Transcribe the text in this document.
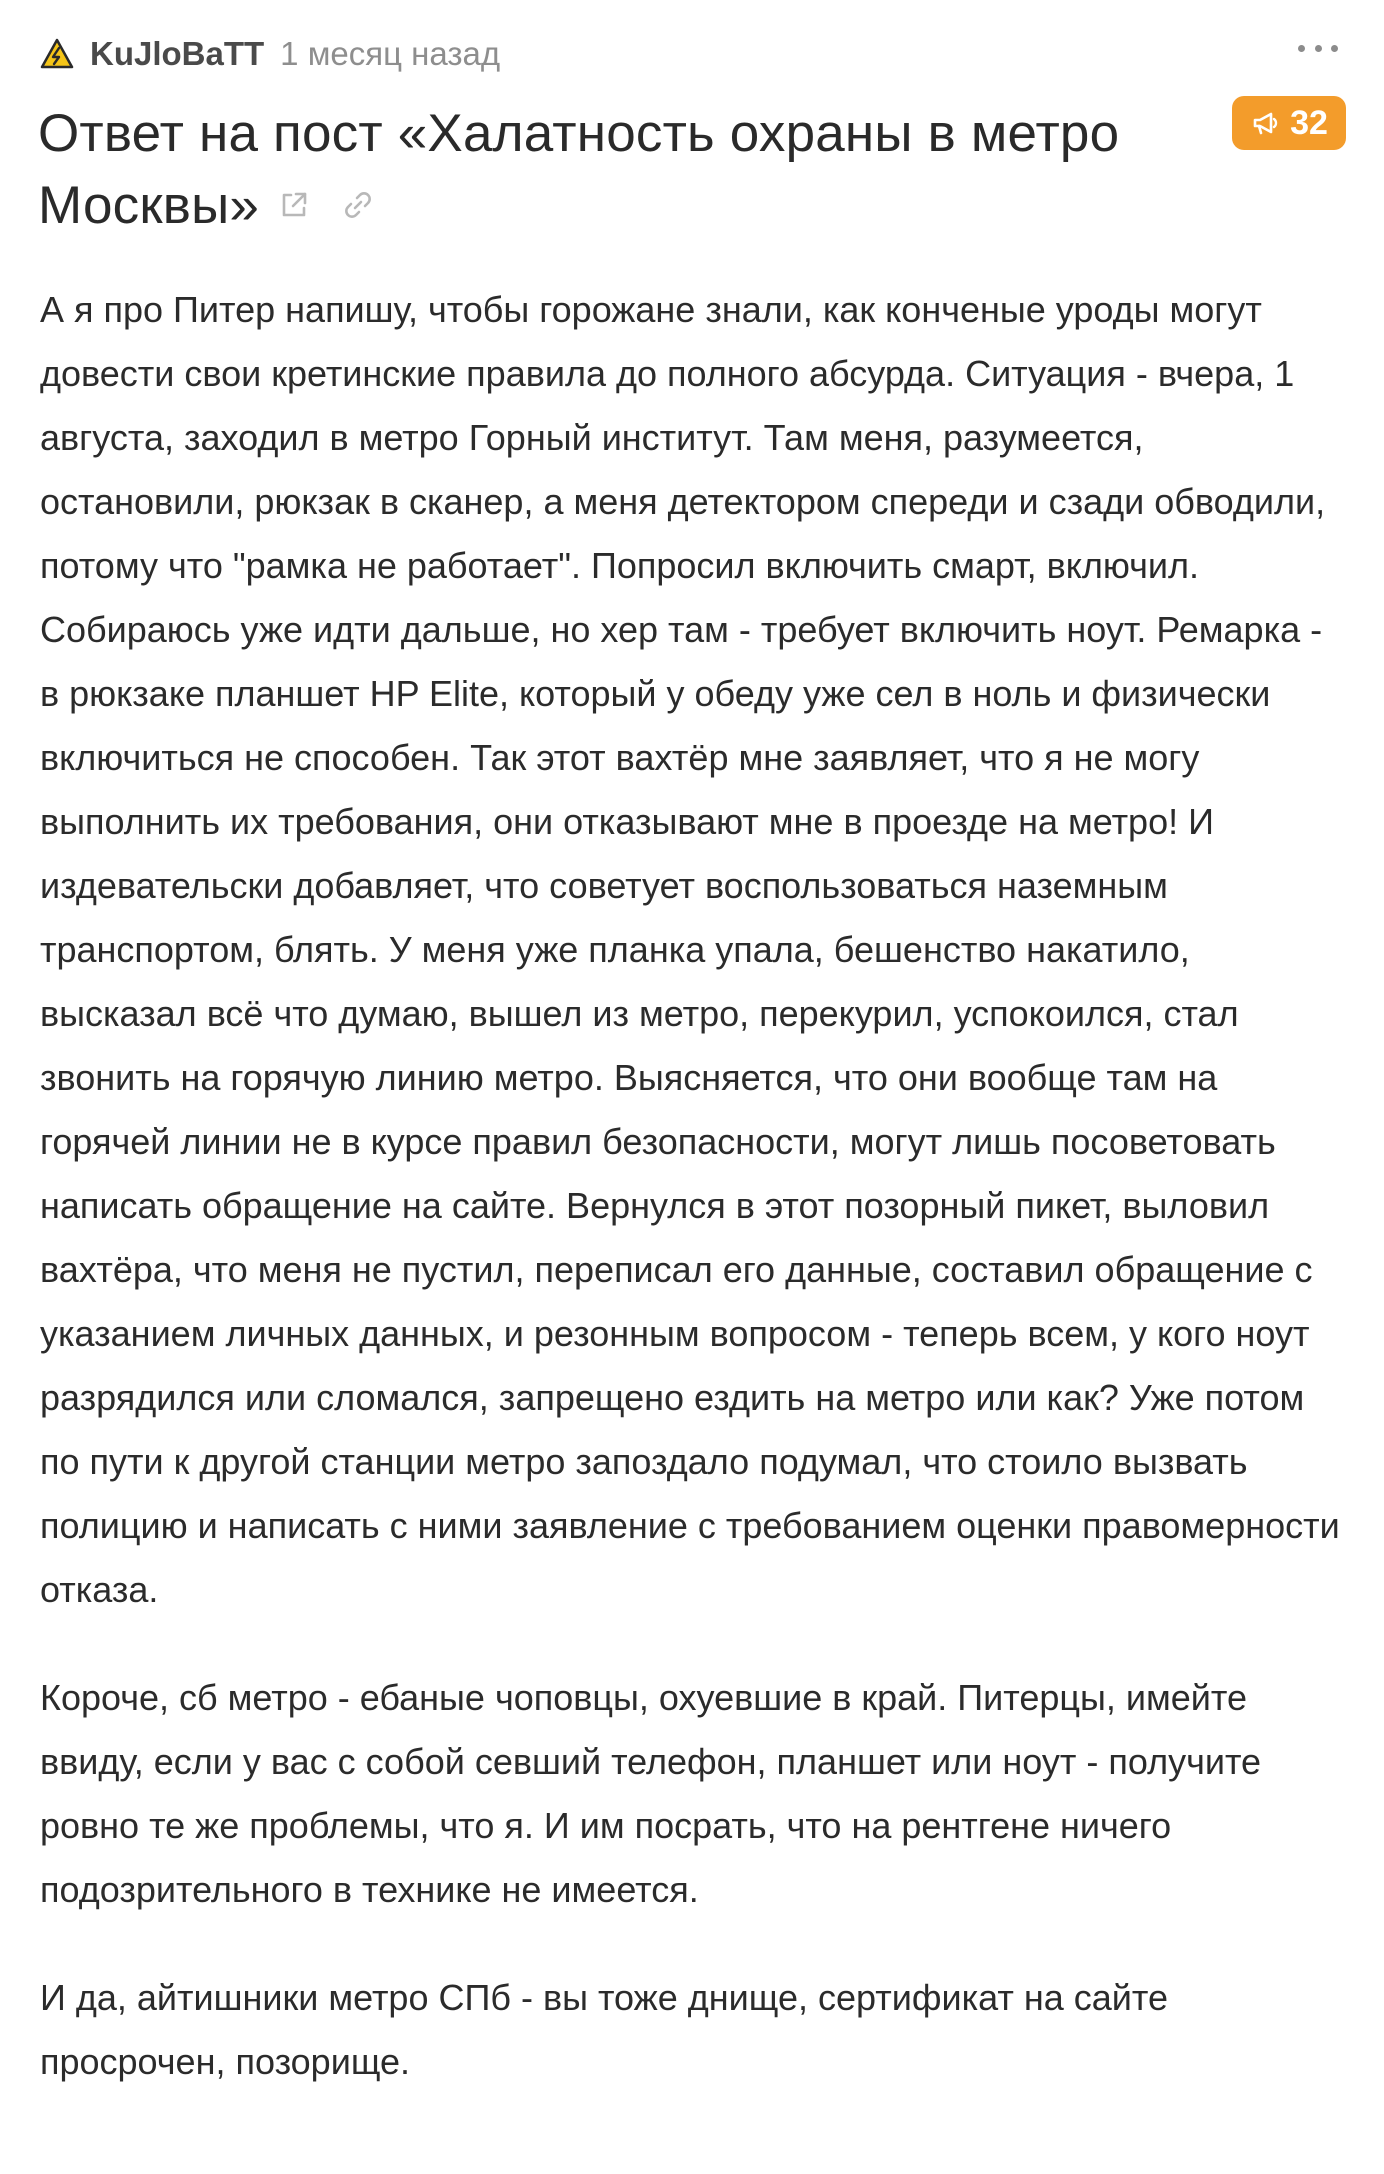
KuJloBaTT 1 месяц назад
Ответ на пост «Халатность охраны в метро Москвы»
32

А я про Питер напишу, чтобы горожане знали, как конченые уроды могут довести свои кретинские правила до полного абсурда. Ситуация - вчера, 1 августа, заходил в метро Горный институт. Там меня, разумеется, остановили, рюкзак в сканер, а меня детектором спереди и сзади обводили, потому что "рамка не работает". Попросил включить смарт, включил. Собираюсь уже идти дальше, но хер там - требует включить ноут. Ремарка - в рюкзаке планшет HP Elite, который у обеду уже сел в ноль и физически включиться не способен. Так этот вахтёр мне заявляет, что я не могу выполнить их требования, они отказывают мне в проезде на метро! И издевательски добавляет, что советует воспользоваться наземным транспортом, блять. У меня уже планка упала, бешенство накатило, высказал всё что думаю, вышел из метро, перекурил, успокоился, стал звонить на горячую линию метро. Выясняется, что они вообще там на горячей линии не в курсе правил безопасности, могут лишь посоветовать написать обращение на сайте. Вернулся в этот позорный пикет, выловил вахтёра, что меня не пустил, переписал его данные, составил обращение с указанием личных данных, и резонным вопросом - теперь всем, у кого ноут разрядился или сломался, запрещено ездить на метро или как? Уже потом по пути к другой станции метро запоздало подумал, что стоило вызвать полицию и написать с ними заявление с требованием оценки правомерности отказа.

Короче, сб метро - ебаные чоповцы, охуевшие в край. Питерцы, имейте ввиду, если у вас с собой севший телефон, планшет или ноут - получите ровно те же проблемы, что я. И им посрать, что на рентгене ничего подозрительного в технике не имеется.

И да, айтишники метро СПб - вы тоже днище, сертификат на сайте просрочен, позорище.
